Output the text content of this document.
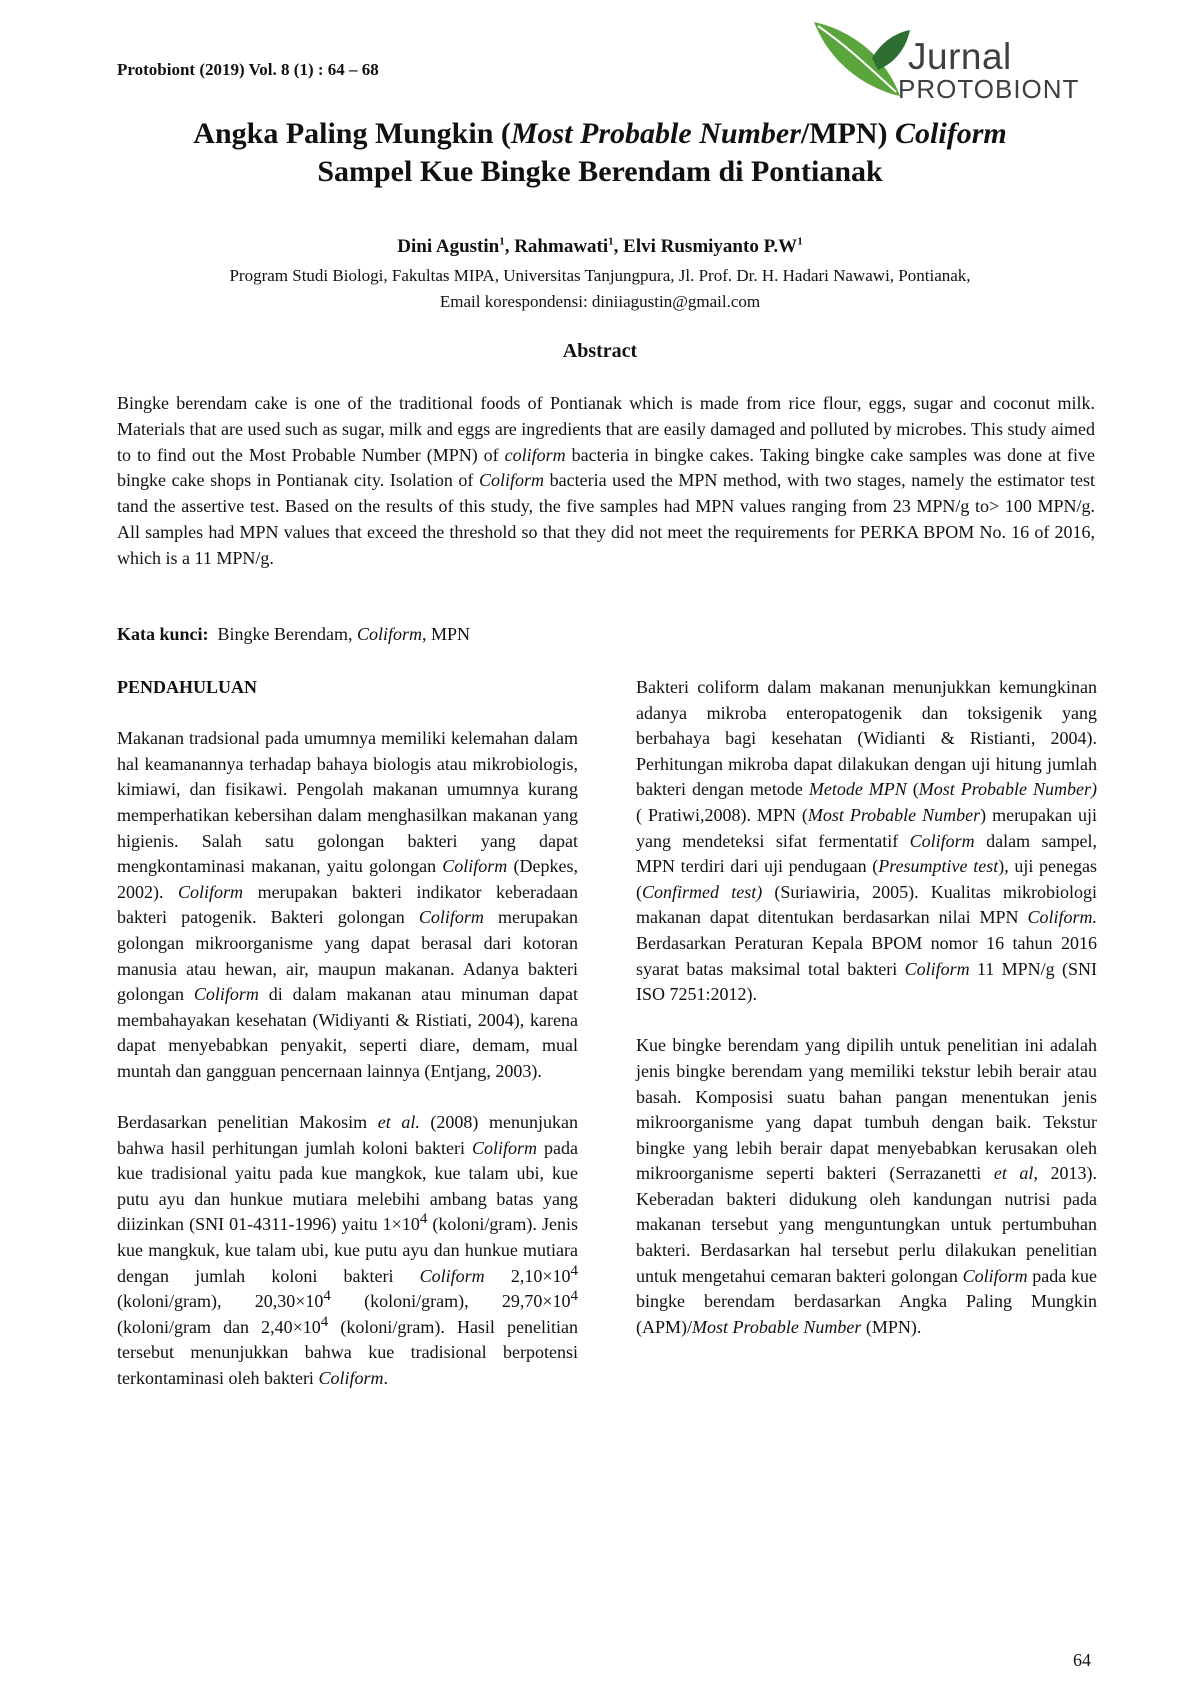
Protobiont (2019) Vol. 8 (1) : 64 – 68	Jurnal
PROTOBIONT
Angka Paling Mungkin (Most Probable Number/MPN) Coliform
Sampel Kue Bingke Berendam di Pontianak
Dini Agustin$^1$, Rahmawati$^1$, Elvi Rusmiyanto $P.W^1$
Program Studi Biologi, Fakultas MIPA, Universitas Tanjungpura, Jl. Prof. Dr. H. Hadari Nawawi, Pontianak,
Email korespondensi: diniiagustin@gmail.com
Abstract
Bingke berendam cake is one of the traditional foods of Pontianak which is made from rice flour, eggs, sugar and coconut milk. Materials that are used such as sugar, milk and eggs are ingredients that are easily damaged and polluted by microbes. This study aimed to to find out the Most Probable Number (MPN) of coliform bacteria in bingke cakes. Taking bingke cake samples was done at five bingke cake shops in Pontianak city. Isolation of Coliform bacteria used the MPN method, with two stages, namely the estimator test tand the assertive test. Based on the results of this study, the five samples had MPN values ranging from 23 MPN/g to> 100 MPN/g. All samples had MPN values that exceed the threshold so that they did not meet the requirements for PERKA BPOM No. 16 of 2016, which is a 11 MPN/g.
Kata kunci:  Bingke Berendam, Coliform, MPN
PENDAHULUAN

Makanan tradsional pada umumnya memiliki kelemahan dalam hal keamanannya terhadap bahaya biologis atau mikrobiologis, kimiawi, dan fisikawi. Pengolah makanan umumnya kurang memperhatikan kebersihan dalam menghasilkan makanan yang higienis. Salah satu golongan bakteri yang dapat mengkontaminasi makanan, yaitu golongan Coliform (Depkes, 2002). Coliform merupakan bakteri indikator keberadaan bakteri patogenik. Bakteri golongan Coliform merupakan golongan mikroorganisme yang dapat berasal dari kotoran manusia atau hewan, air, maupun makanan. Adanya bakteri golongan Coliform di dalam makanan atau minuman dapat membahayakan kesehatan (Widiyanti & Ristiati, 2004), karena dapat menyebabkan penyakit, seperti diare, demam, mual muntah dan gangguan pencernaan lainnya (Entjang, 2003).

Berdasarkan penelitian Makosim et al. (2008) menunjukan bahwa hasil perhitungan jumlah koloni bakteri Coliform pada kue tradisional yaitu pada kue mangkok, kue talam ubi, kue putu ayu dan hunkue mutiara melebihi ambang batas yang diizinkan (SNI 01-4311-1996) yaitu $1\times 10^4$ (koloni/gram). Jenis kue mangkuk, kue talam ubi, kue putu ayu dan hunkue mutiara dengan jumlah koloni bakteri Coliform $2,10\times 10^4$ (koloni/gram), $20,30\times 10^4$ (koloni/gram), $29,70\times 10^4$ (koloni/gram dan $2,40\times 10^4$ (koloni/gram). Hasil penelitian tersebut menunjukkan bahwa kue tradisional berpotensi terkontaminasi oleh bakteri Coliform.

Bakteri coliform dalam makanan menunjukkan kemungkinan adanya mikroba enteropatogenik dan toksigenik yang berbahaya bagi kesehatan (Widianti & Ristianti, 2004). Perhitungan mikroba dapat dilakukan dengan uji hitung jumlah bakteri dengan metode Metode MPN (Most Probable Number) ( Pratiwi,2008). MPN (Most Probable Number) merupakan uji yang mendeteksi sifat fermentatif Coliform dalam sampel, MPN terdiri dari uji pendugaan (Presumptive test), uji penegas (Confirmed test) (Suriawiria, 2005). Kualitas mikrobiologi makanan dapat ditentukan berdasarkan nilai MPN Coliform. Berdasarkan Peraturan Kepala BPOM nomor 16 tahun 2016 syarat batas maksimal total bakteri Coliform 11 MPN/g (SNI ISO 7251:2012).

Kue bingke berendam yang dipilih untuk penelitian ini adalah jenis bingke berendam yang memiliki tekstur lebih berair atau basah. Komposisi suatu bahan pangan menentukan jenis mikroorganisme yang dapat tumbuh dengan baik. Tekstur bingke yang lebih berair dapat menyebabkan kerusakan oleh mikroorganisme seperti bakteri (Serrazanetti et al, 2013). Keberadan bakteri didukung oleh kandungan nutrisi pada makanan tersebut yang menguntungkan untuk pertumbuhan bakteri. Berdasarkan hal tersebut perlu dilakukan penelitian untuk mengetahui cemaran bakteri golongan Coliform pada kue bingke berendam berdasarkan Angka Paling Mungkin (APM)/Most Probable Number (MPN).

64
